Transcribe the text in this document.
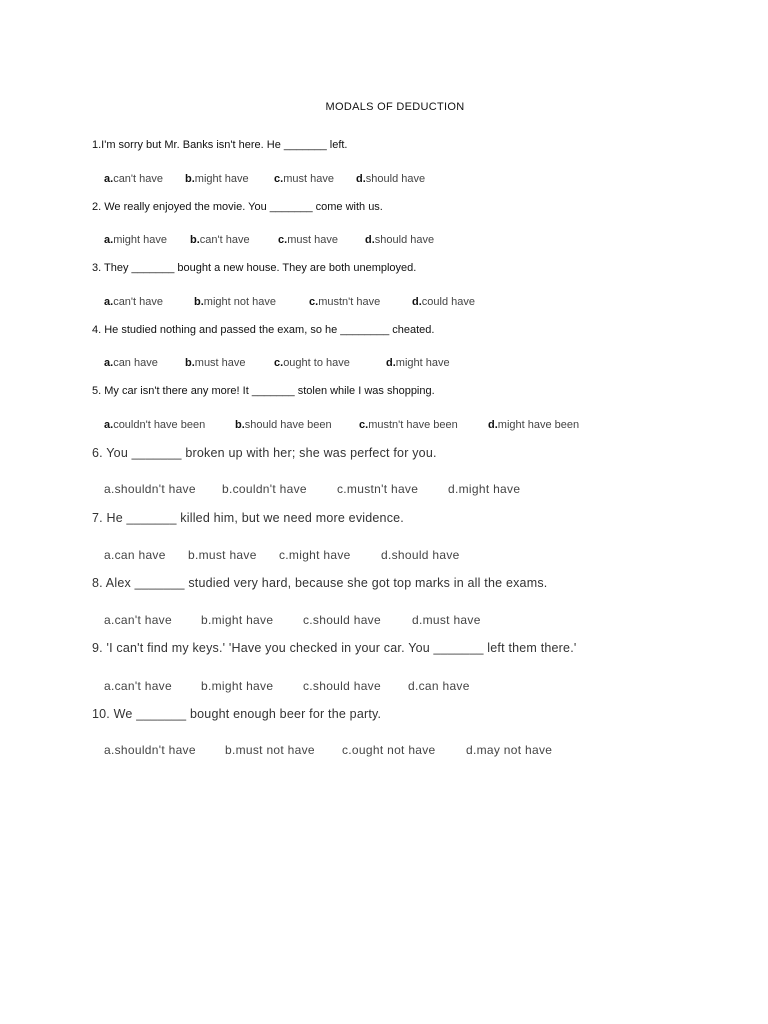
MODALS OF DEDUCTION
1.I'm sorry but Mr. Banks isn't here. He _______ left.
a.can't have b.might have c.must have d.should have
2. We really enjoyed the movie. You _______ come with us.
a.might have b.can't have	c.must have d.should have
3. They _______ bought a new house. They are both unemployed.
a.can't have	b.might not have	c.mustn't have	d.could have
4. He studied nothing and passed the exam, so he ________ cheated.
a.can have b.must have	c.ought to have	d.might have
5. My car isn't there any more! It _______ stolen while I was shopping.
a.couldn't have been	b.should have been c.mustn't have been	d.might have been
6. You _______ broken up with her; she was perfect for you.
a.shouldn't have b.couldn't have	c.mustn't have d.might have
7. He _______ killed him, but we need more evidence.
a.can have b.must have c.might have	d.should have
8. Alex _______ studied very hard, because she got top marks in all the exams.
a.can't have b.might have c.should have	d.must have
9. 'I can't find my keys.' 'Have you checked in your car. You _______ left them there.'
a.can't have b.might have c.should have d.can have
10. We _______ bought enough beer for the party.
a.shouldn't have b.must not have c.ought not have	d.may not have
